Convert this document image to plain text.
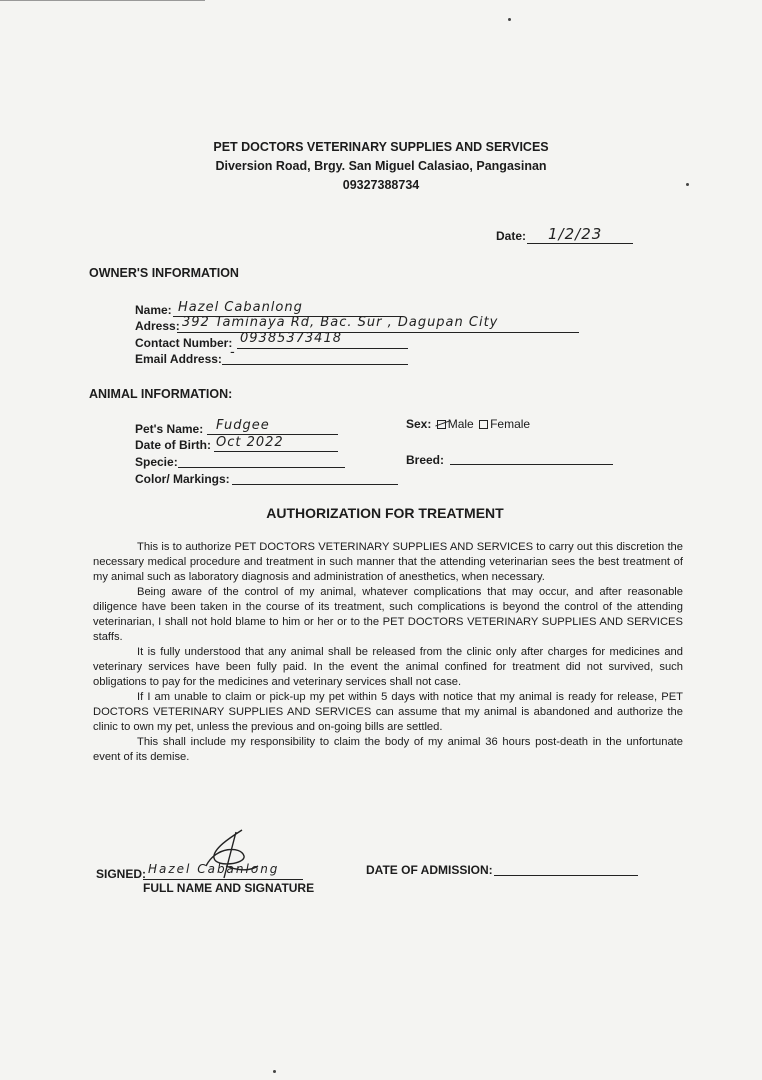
PET DOCTORS VETERINARY SUPPLIES AND SERVICES
Diversion Road, Brgy. San Miguel Calasiao, Pangasinan
09327388734
Date: 1/2/23
OWNER'S INFORMATION
Name: Hazel Cabanlong
Adress: 392 Taminaya Rd, Bac. Sur , Dagupan City
Contact Number: 09385373418
Email Address: -
ANIMAL INFORMATION:
Pet's Name: Fudgee
Date of Birth: Oct 2022
Specie:
Color/ Markings:
Sex: Male Female
Breed:
AUTHORIZATION FOR TREATMENT

This is to authorize PET DOCTORS VETERINARY SUPPLIES AND SERVICES to carry out this discretion the necessary medical procedure and treatment in such manner that the attending veterinarian sees the best treatment of my animal such as laboratory diagnosis and administration of anesthetics, when necessary.

Being aware of the control of my animal, whatever complications that may occur, and after reasonable diligence have been taken in the course of its treatment, such complications is beyond the control of the attending veterinarian, I shall not hold blame to him or her or to the PET DOCTORS VETERINARY SUPPLIES AND SERVICES staffs.

It is fully understood that any animal shall be released from the clinic only after charges for medicines and veterinary services have been fully paid. In the event the animal confined for treatment did not survived, such obligations to pay for the medicines and veterinary services shall not case.

If I am unable to claim or pick-up my pet within 5 days with notice that my animal is ready for release, PET DOCTORS VETERINARY SUPPLIES AND SERVICES can assume that my animal is abandoned and authorize the clinic to own my pet, unless the previous and on-going bills are settled.

This shall include my responsibility to claim the body of my animal 36 hours post-death in the unfortunate event of its demise.

SIGNED: Hazel Cabanlong
FULL NAME AND SIGNATURE
DATE OF ADMISSION:
